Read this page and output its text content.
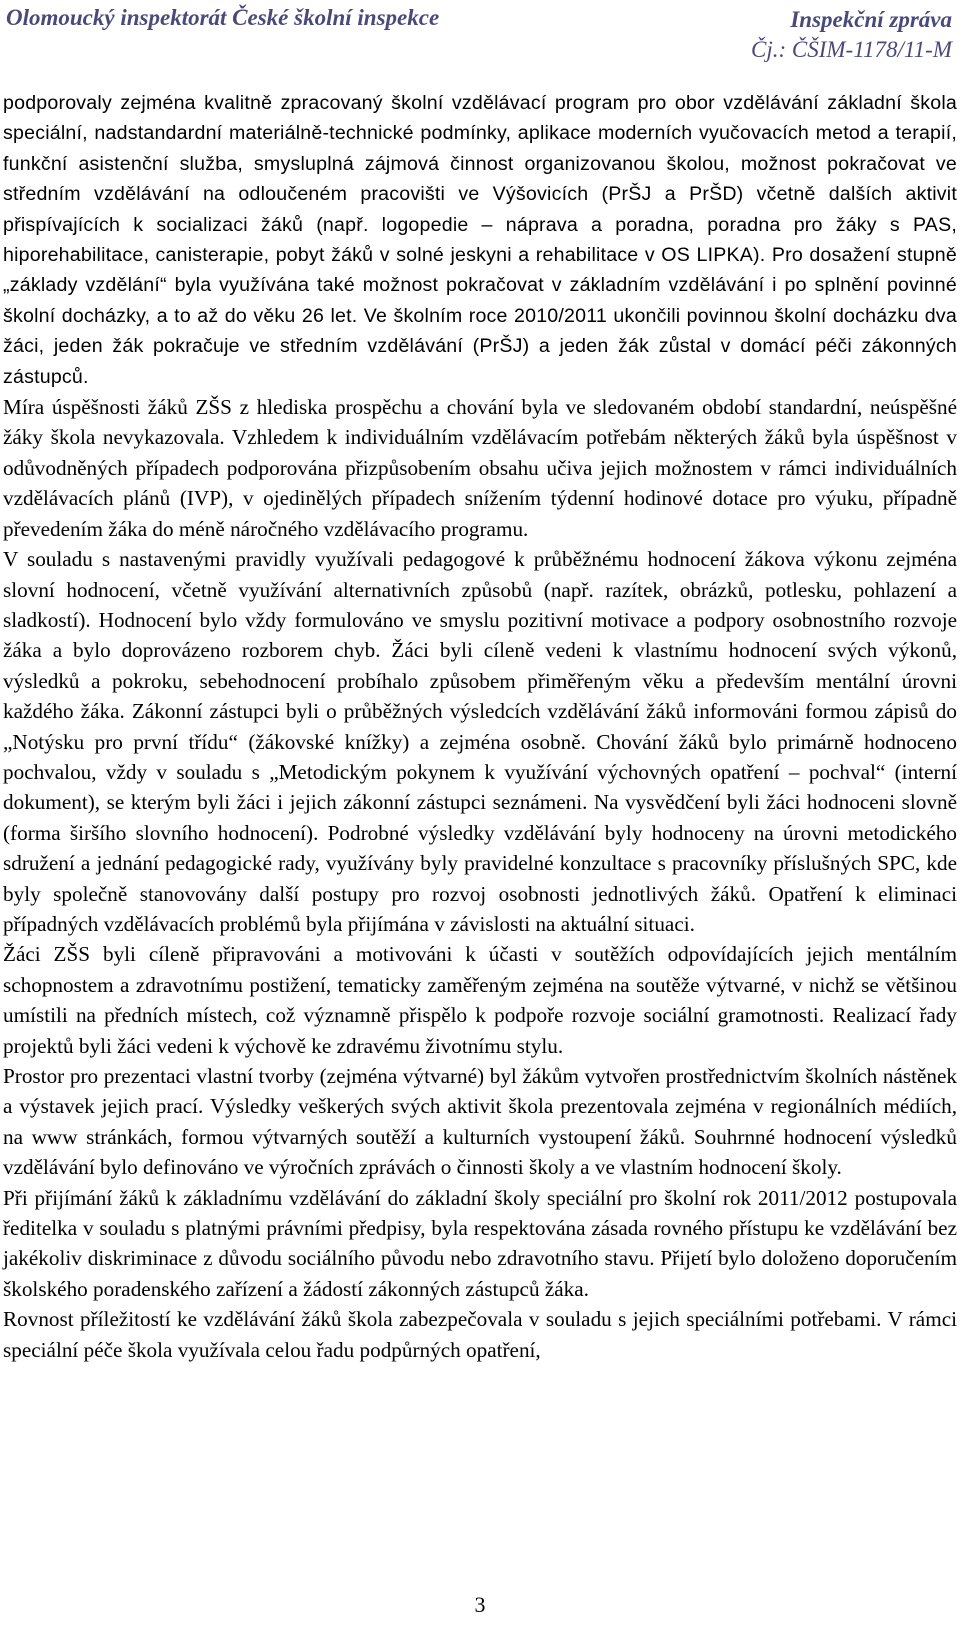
Olomoucký inspektorát České školní inspekce	Inspekční zpráva
Čj.: ČŠIM-1178/11-M

podporovaly zejména kvalitně zpracovaný školní vzdělávací program pro obor vzdělávání základní škola speciální, nadstandardní materiálně-technické podmínky, aplikace moderních vyučovacích metod a terapií, funkční asistenční služba, smysluplná zájmová činnost organizovanou školou, možnost pokračovat ve středním vzdělávání na odloučeném pracovišti ve Výšovicích (PrŠJ a PrŠD) včetně dalších aktivit přispívajících k socializaci žáků (např. logopedie – náprava a poradna, poradna pro žáky s PAS, hiporehabilitace, canisterapie, pobyt žáků v solné jeskyni a rehabilitace v OS LIPKA). Pro dosažení stupně „základy vzdělání“ byla využívána také možnost pokračovat v základním vzdělávání i po splnění povinné školní docházky, a to až do věku 26 let. Ve školním roce 2010/2011 ukončili povinnou školní docházku dva žáci, jeden žák pokračuje ve středním vzdělávání (PrŠJ) a jeden žák zůstal v domácí péči zákonných zástupců.

Míra úspěšnosti žáků ZŠS z hlediska prospěchu a chování byla ve sledovaném období standardní, neúspěšné žáky škola nevykazovala. Vzhledem k individuálním vzdělávacím potřebám některých žáků byla úspěšnost v odůvodněných případech podporována přizpůsobením obsahu učiva jejich možnostem v rámci individuálních vzdělávacích plánů (IVP), v ojedinělých případech snížením týdenní hodinové dotace pro výuku, případně převedením žáka do méně náročného vzdělávacího programu.

V souladu s nastavenými pravidly využívali pedagogové k průběžnému hodnocení žákova výkonu zejména slovní hodnocení, včetně využívání alternativních způsobů (např. razítek, obrázků, potlesku, pohlazení a sladkostí). Hodnocení bylo vždy formulováno ve smyslu pozitivní motivace a podpory osobnostního rozvoje žáka a bylo doprovázeno rozborem chyb. Žáci byli cíleně vedeni k vlastnímu hodnocení svých výkonů, výsledků a pokroku, sebehodnocení probíhalo způsobem přiměřeným věku a především mentální úrovni každého žáka. Zákonní zástupci byli o průběžných výsledcích vzdělávání žáků informováni formou zápisů do „Notýsku pro první třídu“ (žákovské knížky) a zejména osobně. Chování žáků bylo primárně hodnoceno pochvalou, vždy v souladu s „Metodickým pokynem k využívání výchovných opatření – pochval“ (interní dokument), se kterým byli žáci i jejich zákonní zástupci seznámeni. Na vysvědčení byli žáci hodnoceni slovně (forma širšího slovního hodnocení). Podrobné výsledky vzdělávání byly hodnoceny na úrovni metodického sdružení a jednání pedagogické rady, využívány byly pravidelné konzultace s pracovníky příslušných SPC, kde byly společně stanovovány další postupy pro rozvoj osobnosti jednotlivých žáků. Opatření k eliminaci případných vzdělávacích problémů byla přijímána v závislosti na aktuální situaci.

Žáci ZŠS byli cíleně připravováni a motivováni k účasti v soutěžích odpovídajících jejich mentálním schopnostem a zdravotnímu postižení, tematicky zaměřeným zejména na soutěže výtvarné, v nichž se většinou umístili na předních místech, což významně přispělo k podpoře rozvoje sociální gramotnosti. Realizací řady projektů byli žáci vedeni k výchově ke zdravému životnímu stylu.

Prostor pro prezentaci vlastní tvorby (zejména výtvarné) byl žákům vytvořen prostřednictvím školních nástěnek a výstavek jejich prací. Výsledky veškerých svých aktivit škola prezentovala zejména v regionálních médiích, na www stránkách, formou výtvarných soutěží a kulturních vystoupení žáků. Souhrnné hodnocení výsledků vzdělávání bylo definováno ve výročních zprávách o činnosti školy a ve vlastním hodnocení školy.

Při přijímání žáků k základnímu vzdělávání do základní školy speciální pro školní rok 2011/2012 postupovala ředitelka v souladu s platnými právními předpisy, byla respektována zásada rovného přístupu ke vzdělávání bez jakékoliv diskriminace z důvodu sociálního původu nebo zdravotního stavu. Přijetí bylo doloženo doporučením školského poradenského zařízení a žádostí zákonných zástupců žáka.

Rovnost příležitostí ke vzdělávání žáků škola zabezpečovala v souladu s jejich speciálními potřebami. V rámci speciální péče škola využívala celou řadu podpůrných opatření,

3
